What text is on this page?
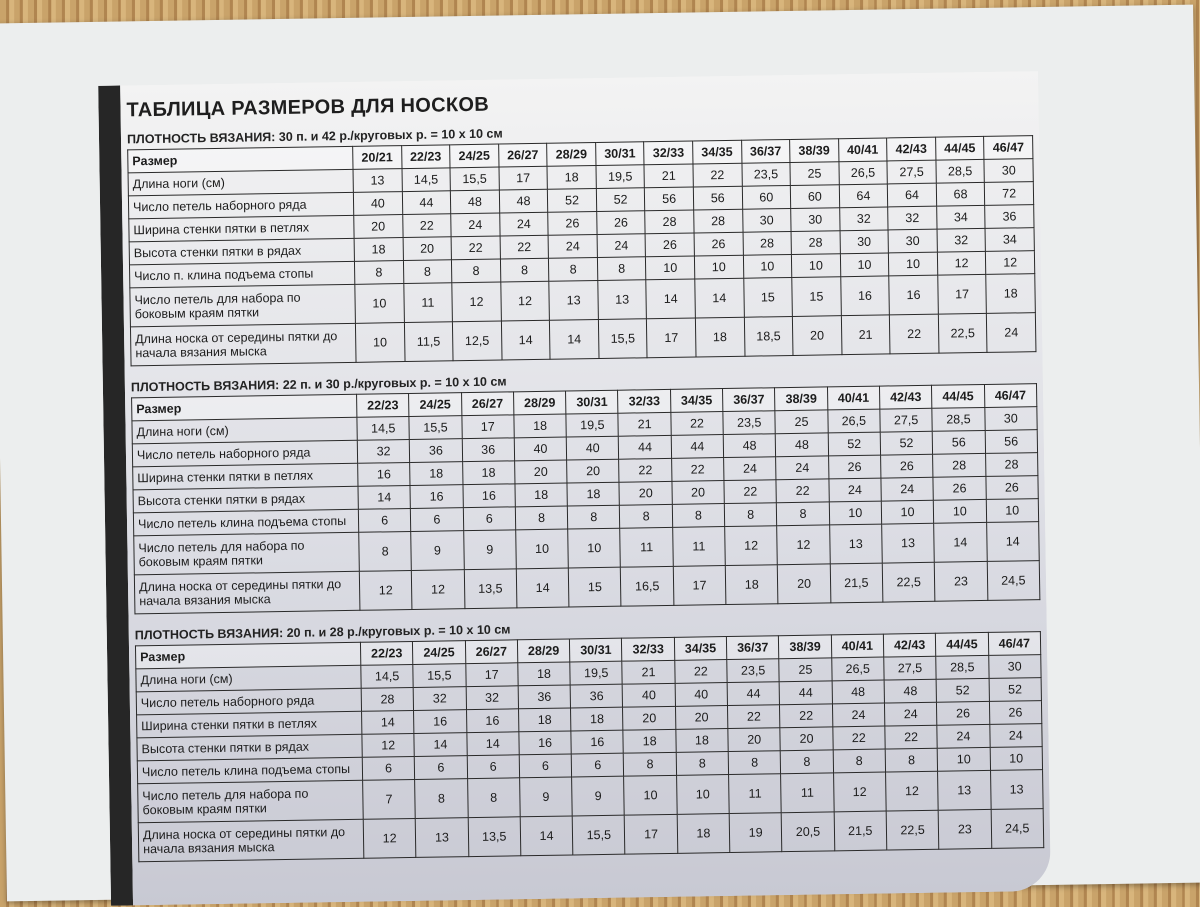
ТАБЛИЦА РАЗМЕРОВ ДЛЯ НОСКОВ
ПЛОТНОСТЬ ВЯЗАНИЯ: 30 п. и 42 р./круговых р. = 10 x 10 см
Размер	20/21	22/23	24/25	26/27	28/29	30/31	32/33	34/35	36/37	38/39	40/41	42/43	44/45	46/47
Длина ноги (см)	13	14,5	15,5	17	18	19,5	21	22	23,5	25	26,5	27,5	28,5	30
Число петель наборного ряда	40	44	48	48	52	52	56	56	60	60	64	64	68	72
Ширина стенки пятки в петлях	20	22	24	24	26	26	28	28	30	30	32	32	34	36
Высота стенки пятки в рядах	18	20	22	22	24	24	26	26	28	28	30	30	32	34
Число п. клина подъема стопы	8	8	8	8	8	8	10	10	10	10	10	10	12	12
Число петель для набора по боковым краям пятки	10	11	12	12	13	13	14	14	15	15	16	16	17	18
Длина носка от середины пятки до начала вязания мыска	10	11,5	12,5	14	14	15,5	17	18	18,5	20	21	22	22,5	24
ПЛОТНОСТЬ ВЯЗАНИЯ: 22 п. и 30 р./круговых р. = 10 x 10 см
Размер	22/23	24/25	26/27	28/29	30/31	32/33	34/35	36/37	38/39	40/41	42/43	44/45	46/47
Длина ноги (см)	14,5	15,5	17	18	19,5	21	22	23,5	25	26,5	27,5	28,5	30
Число петель наборного ряда	32	36	36	40	40	44	44	48	48	52	52	56	56
Ширина стенки пятки в петлях	16	18	18	20	20	22	22	24	24	26	26	28	28
Высота стенки пятки в рядах	14	16	16	18	18	20	20	22	22	24	24	26	26
Число петель клина подъема стопы	6	6	6	8	8	8	8	8	8	10	10	10	10
Число петель для набора по боковым краям пятки	8	9	9	10	10	11	11	12	12	13	13	14	14
Длина носка от середины пятки до начала вязания мыска	12	12	13,5	14	15	16,5	17	18	20	21,5	22,5	23	24,5
ПЛОТНОСТЬ ВЯЗАНИЯ: 20 п. и 28 р./круговых р. = 10 x 10 см
Размер	22/23	24/25	26/27	28/29	30/31	32/33	34/35	36/37	38/39	40/41	42/43	44/45	46/47
Длина ноги (см)	14,5	15,5	17	18	19,5	21	22	23,5	25	26,5	27,5	28,5	30
Число петель наборного ряда	28	32	32	36	36	40	40	44	44	48	48	52	52
Ширина стенки пятки в петлях	14	16	16	18	18	20	20	22	22	24	24	26	26
Высота стенки пятки в рядах	12	14	14	16	16	18	18	20	20	22	22	24	24
Число петель клина подъема стопы	6	6	6	6	6	8	8	8	8	8	8	10	10
Число петель для набора по боковым краям пятки	7	8	8	9	9	10	10	11	11	12	12	13	13
Длина носка от середины пятки до начала вязания мыска	12	13	13,5	14	15,5	17	18	19	20,5	21,5	22,5	23	24,5
